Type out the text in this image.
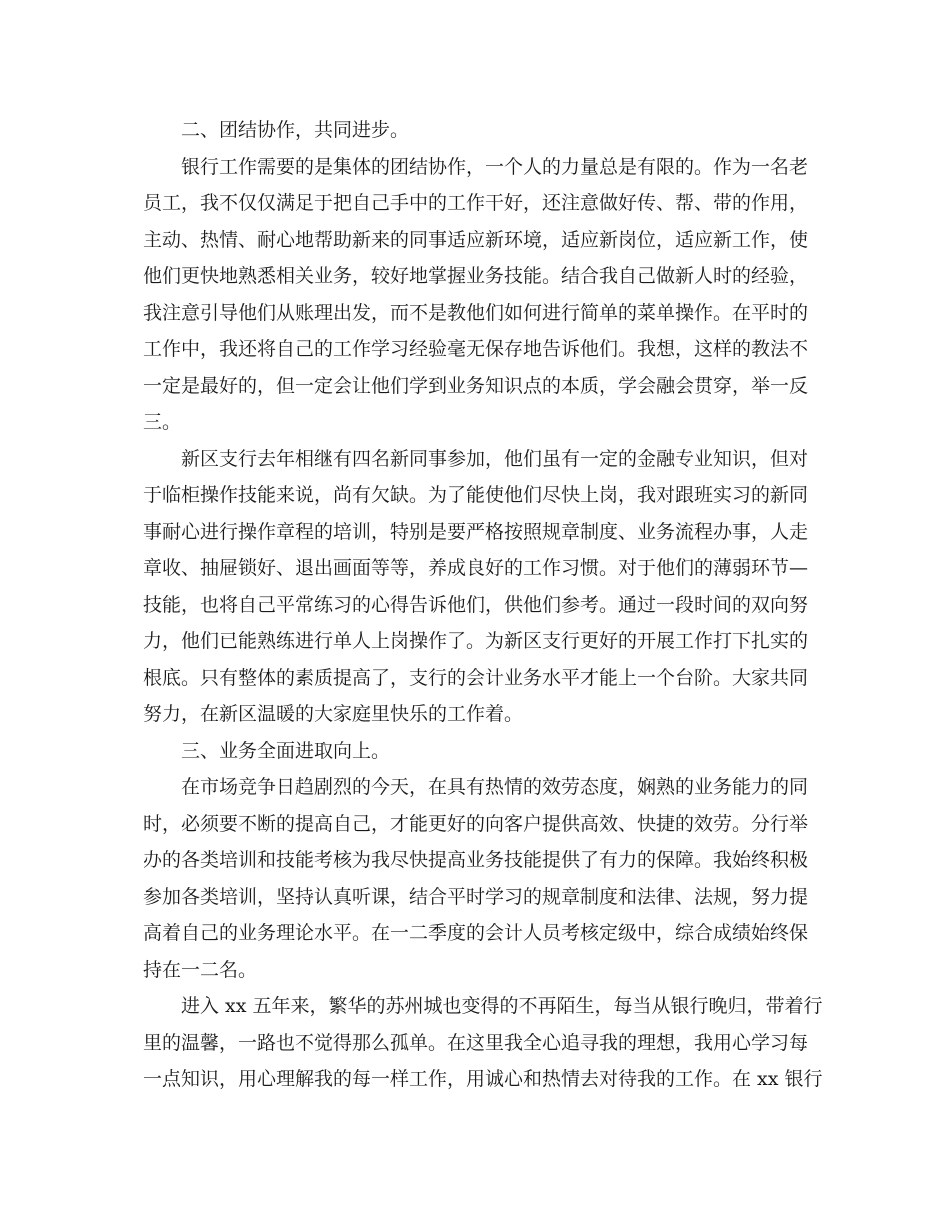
二、团结协作，共同进步。
银行工作需要的是集体的团结协作，一个人的力量总是有限的。作为一名老
员工，我不仅仅满足于把自己手中的工作干好，还注意做好传、帮、带的作用，
主动、热情、耐心地帮助新来的同事适应新环境，适应新岗位，适应新工作，使
他们更快地熟悉相关业务，较好地掌握业务技能。结合我自己做新人时的经验，
我注意引导他们从账理出发，而不是教他们如何进行简单的菜单操作。在平时的
工作中，我还将自己的工作学习经验毫无保存地告诉他们。我想，这样的教法不
一定是最好的，但一定会让他们学到业务知识点的本质，学会融会贯穿，举一反
三。
新区支行去年相继有四名新同事参加，他们虽有一定的金融专业知识，但对
于临柜操作技能来说，尚有欠缺。为了能使他们尽快上岗，我对跟班实习的新同
事耐心进行操作章程的培训，特别是要严格按照规章制度、业务流程办事，人走
章收、抽屉锁好、退出画面等等，养成良好的工作习惯。对于他们的薄弱环节—
技能，也将自己平常练习的心得告诉他们，供他们参考。通过一段时间的双向努
力，他们已能熟练进行单人上岗操作了。为新区支行更好的开展工作打下扎实的
根底。只有整体的素质提高了，支行的会计业务水平才能上一个台阶。大家共同
努力，在新区温暖的大家庭里快乐的工作着。
三、业务全面进取向上。
在市场竞争日趋剧烈的今天，在具有热情的效劳态度，娴熟的业务能力的同
时，必须要不断的提高自己，才能更好的向客户提供高效、快捷的效劳。分行举
办的各类培训和技能考核为我尽快提高业务技能提供了有力的保障。我始终积极
参加各类培训，坚持认真听课，结合平时学习的规章制度和法律、法规，努力提
高着自己的业务理论水平。在一二季度的会计人员考核定级中，综合成绩始终保
持在一二名。
进入 xx 五年来，繁华的苏州城也变得的不再陌生，每当从银行晚归，带着行
里的温馨，一路也不觉得那么孤单。在这里我全心追寻我的理想，我用心学习每
一点知识，用心理解我的每一样工作，用诚心和热情去对待我的工作。在 xx 银行
